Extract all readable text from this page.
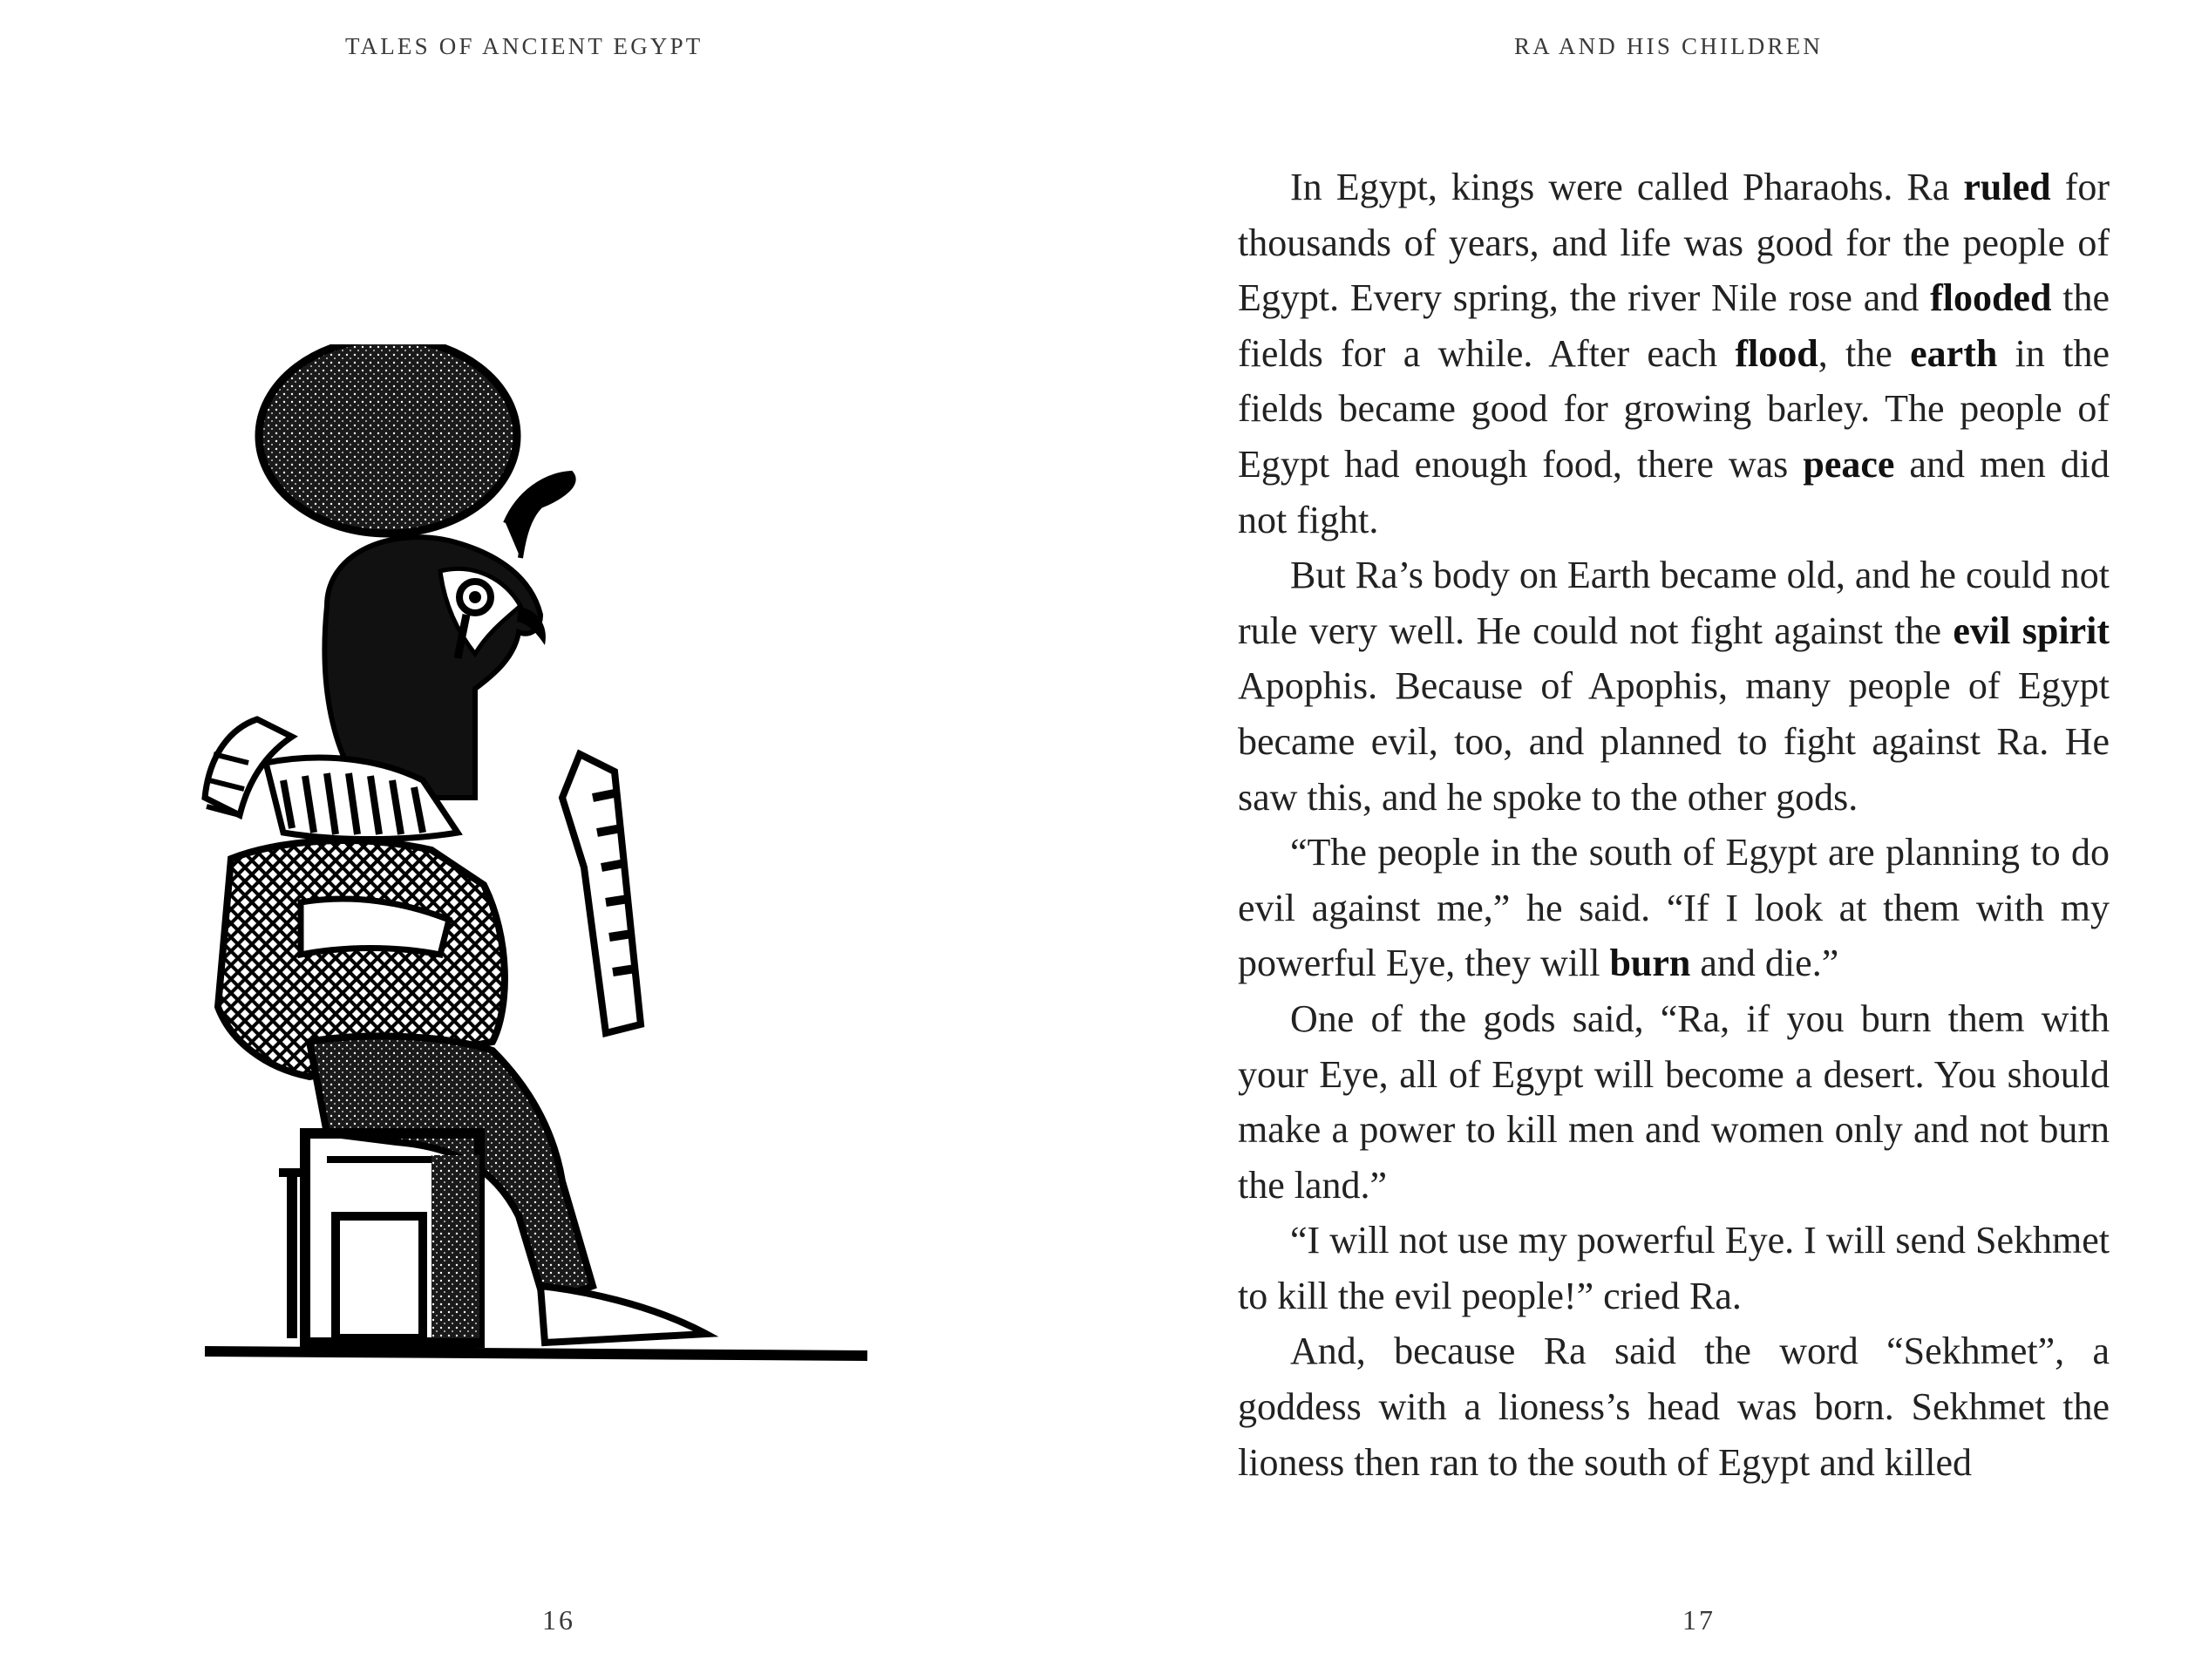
TALES OF ANCIENT EGYPT
16
RA AND HIS CHILDREN

In Egypt, kings were called Pharaohs. Ra ruled for thousands of years, and life was good for the people of Egypt. Every spring, the river Nile rose and flooded the fields for a while. After each flood, the earth in the fields became good for growing barley. The people of Egypt had enough food, there was peace and men did not fight.

But Ra’s body on Earth became old, and he could not rule very well. He could not fight against the evil spirit Apophis. Because of Apophis, many people of Egypt became evil, too, and planned to fight against Ra. He saw this, and he spoke to the other gods.

“The people in the south of Egypt are planning to do evil against me,” he said. “If I look at them with my powerful Eye, they will burn and die.”

One of the gods said, “Ra, if you burn them with your Eye, all of Egypt will become a desert. You should make a power to kill men and women only and not burn the land.”

“I will not use my powerful Eye. I will send Sekhmet to kill the evil people!” cried Ra.

And, because Ra said the word “Sekhmet”, a goddess with a lioness’s head was born. Sekhmet the lioness then ran to the south of Egypt and killed

17
